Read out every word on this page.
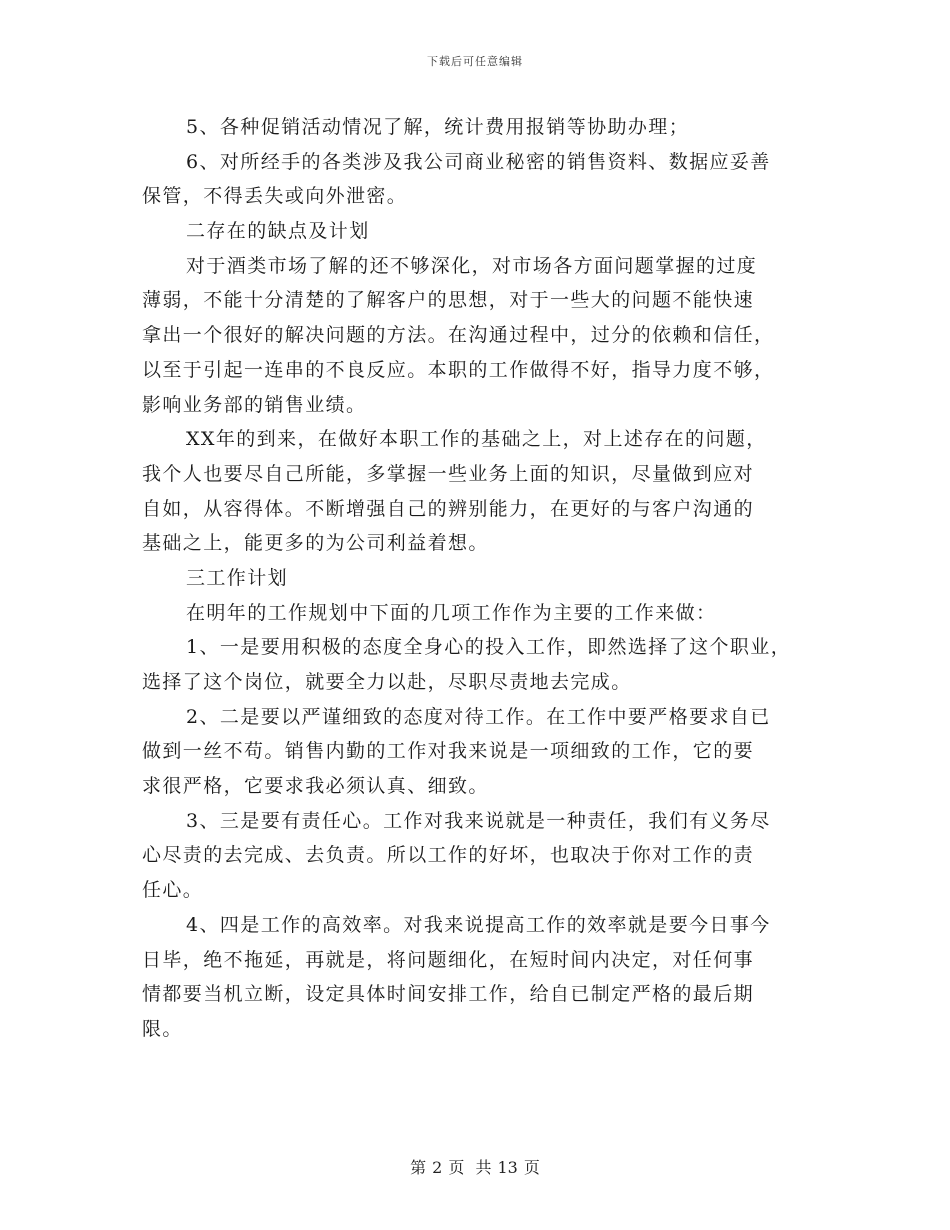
下载后可任意编辑
5、各种促销活动情况了解，统计费用报销等协助办理；
6、对所经手的各类涉及我公司商业秘密的销售资料、数据应妥善
保管，不得丢失或向外泄密。
二存在的缺点及计划
对于酒类市场了解的还不够深化，对市场各方面问题掌握的过度
薄弱，不能十分清楚的了解客户的思想，对于一些大的问题不能快速
拿出一个很好的解决问题的方法。在沟通过程中，过分的依赖和信任，
以至于引起一连串的不良反应。本职的工作做得不好，指导力度不够，
影响业务部的销售业绩。
XX年的到来，在做好本职工作的基础之上，对上述存在的问题，
我个人也要尽自己所能，多掌握一些业务上面的知识，尽量做到应对
自如，从容得体。不断增强自己的辨别能力，在更好的与客户沟通的
基础之上，能更多的为公司利益着想。
三工作计划
在明年的工作规划中下面的几项工作作为主要的工作来做：
1、一是要用积极的态度全身心的投入工作，即然选择了这个职业，
选择了这个岗位，就要全力以赴，尽职尽责地去完成。
2、二是要以严谨细致的态度对待工作。在工作中要严格要求自已
做到一丝不苟。销售内勤的工作对我来说是一项细致的工作，它的要
求很严格，它要求我必须认真、细致。
3、三是要有责任心。工作对我来说就是一种责任，我们有义务尽
心尽责的去完成、去负责。所以工作的好坏，也取决于你对工作的责
任心。
4、四是工作的高效率。对我来说提高工作的效率就是要今日事今
日毕，绝不拖延，再就是，将问题细化，在短时间内决定，对任何事
情都要当机立断，设定具体时间安排工作，给自已制定严格的最后期
限。
第 2 页 共 13 页
